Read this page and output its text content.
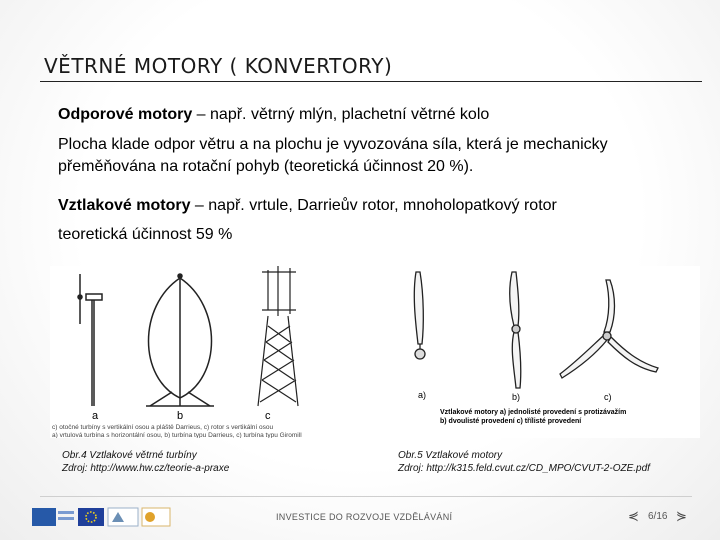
VĚTRNÉ MOTORY ( KONVERTORY)
Odporové motory – např. větrný mlýn, plachetní větrné kolo
Plocha klade odpor větru a na plochu je vyvozována síla, která je mechanicky
přeměňována na rotační pohyb (teoretická účinnost 20 %).
Vztlakové motory – např. vrtule, Darrieův rotor, mnoholopatkový rotor
teoretická účinnost 59 %
a	b	c
c) otočné turbíny s vertikální osou a pláště Darrieus, c) rotor s vertikální osou
a) vrtulová turbína s horizontální osou, b) turbína typu Darrieus, c) turbína typu Giromill
Obr.4 Vztlakové větrné turbíny
Zdroj: http://www.hw.cz/teorie-a-praxe
a)	b)	c)
Vztlakové motory a) jednolisté provedení s protizávažím
b) dvoulisté provedení c) třílisté provedení
Obr.5 Vztlakové motory
Zdroj: http://k315.feld.cvut.cz/CD_MPO/CVUT-2-OZE.pdf
INVESTICE DO ROZVOJE VZDĚLÁVÁNÍ	⋞ 6/16 ⋟
